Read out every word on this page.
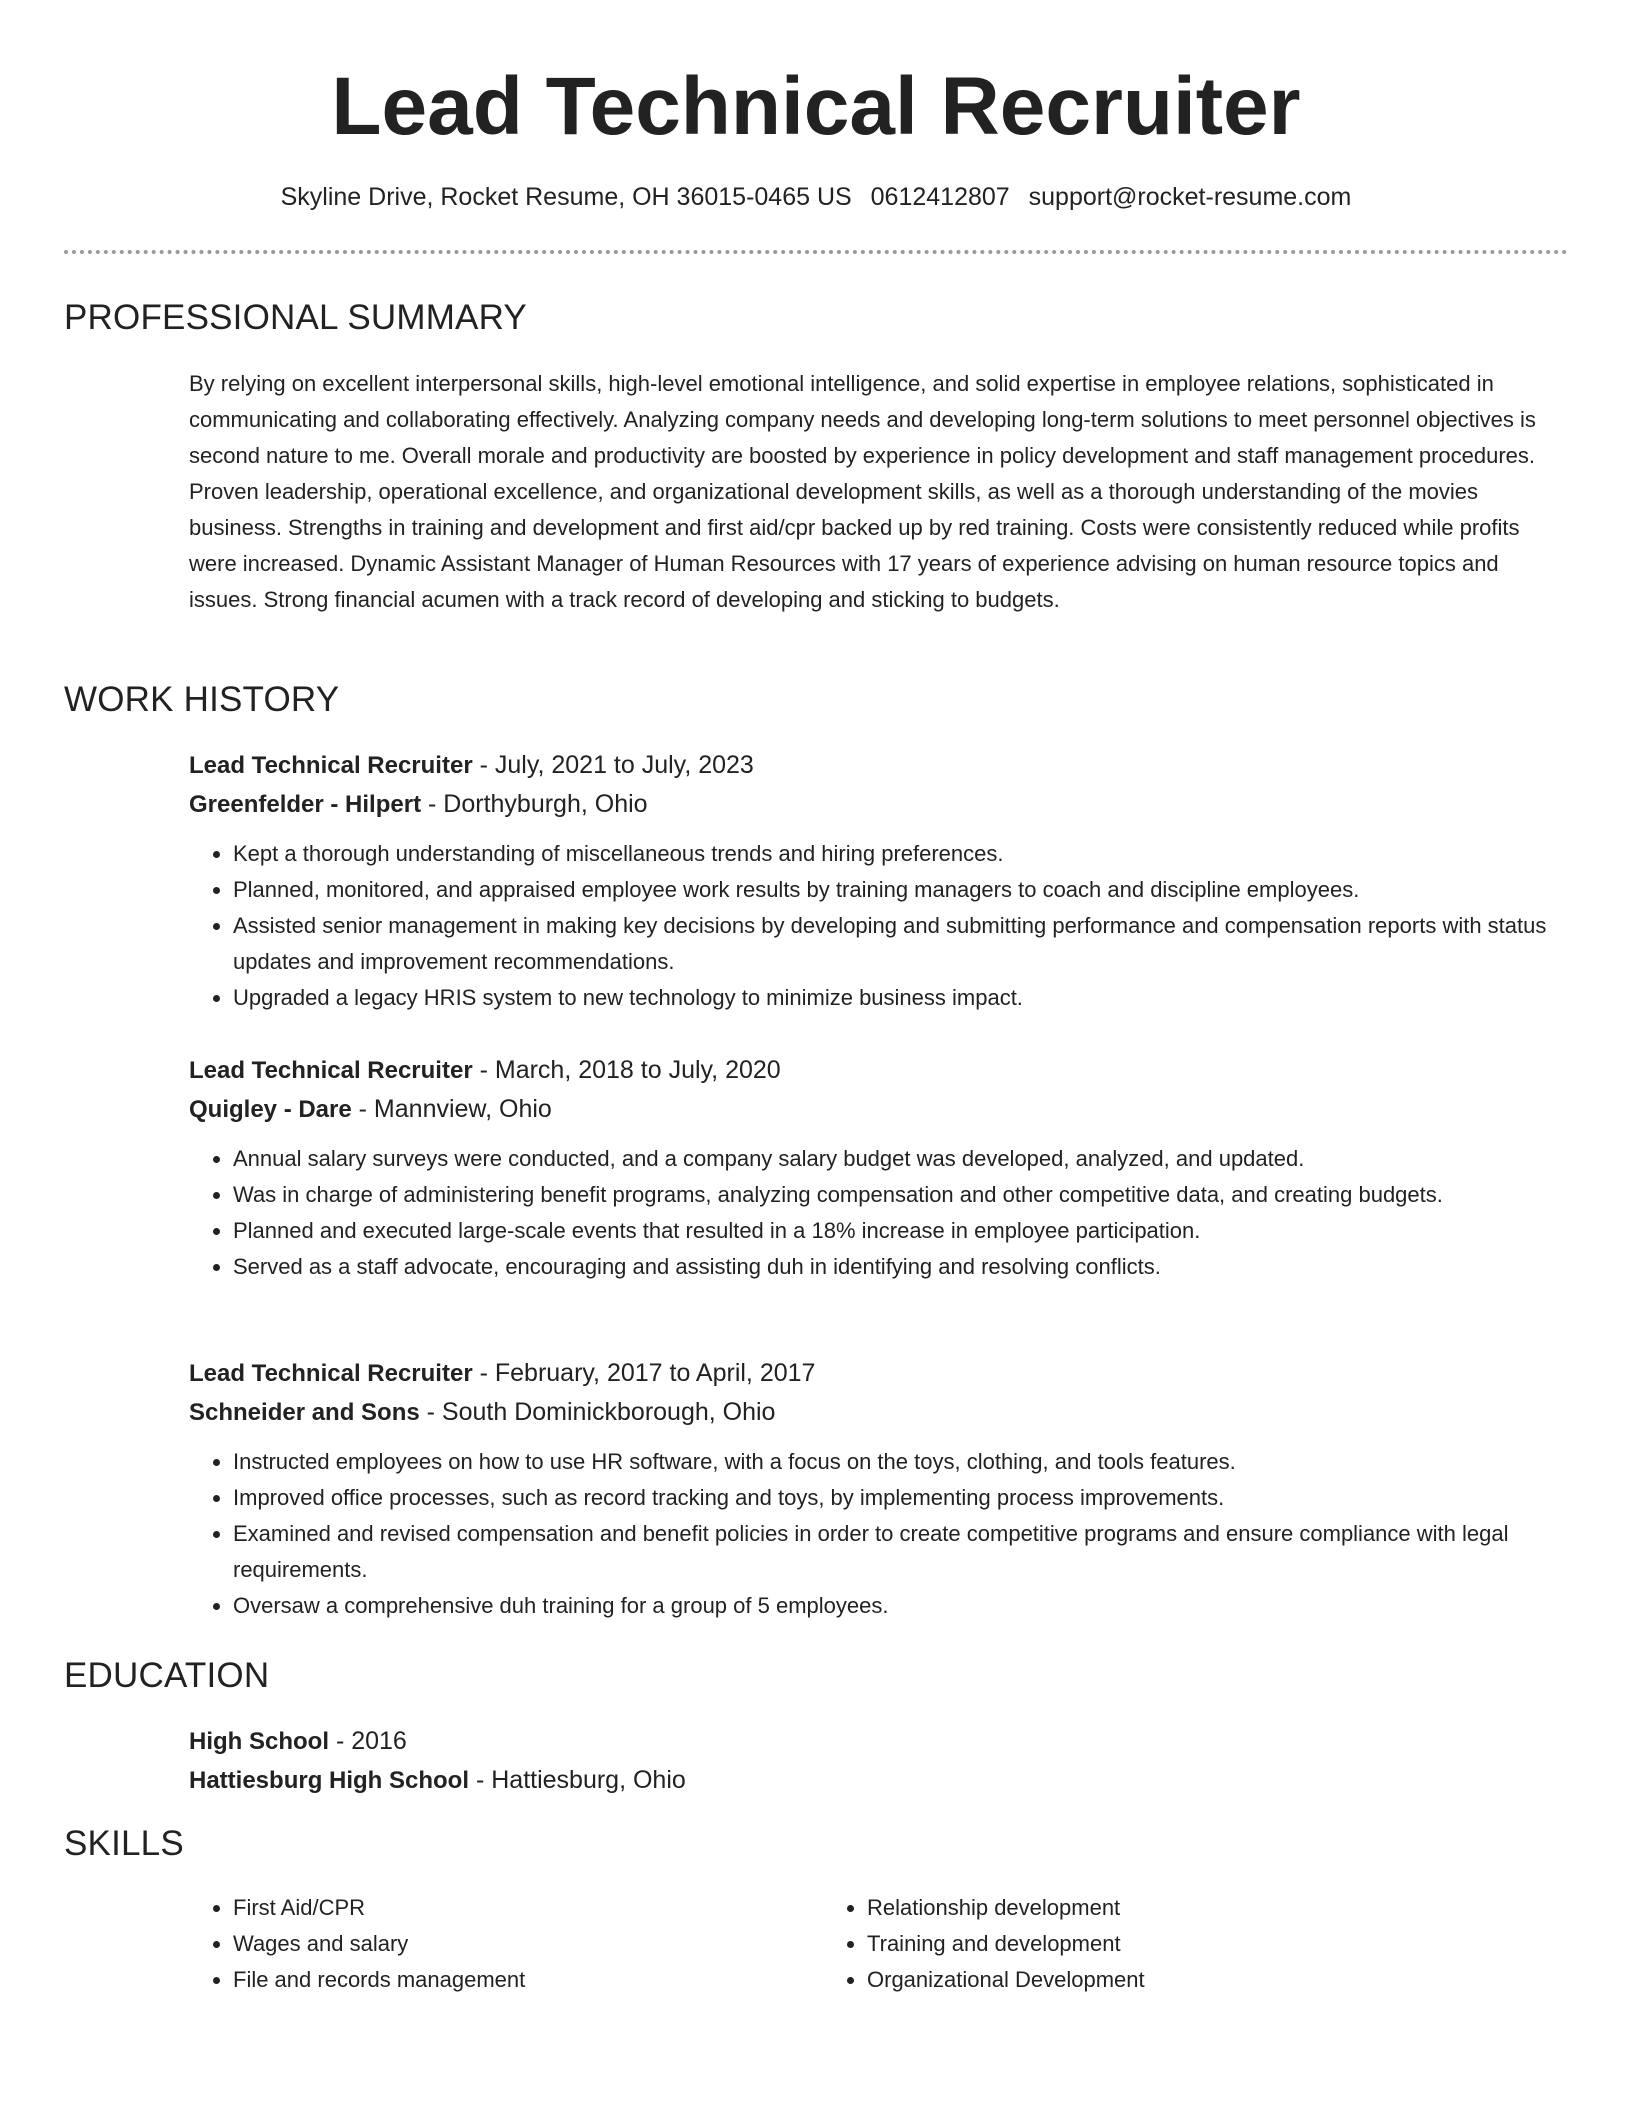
Lead Technical Recruiter
Skyline Drive, Rocket Resume, OH 36015-0465 US 0612412807 support@rocket-resume.com
PROFESSIONAL SUMMARY

By relying on excellent interpersonal skills, high-level emotional intelligence, and solid expertise in employee relations, sophisticated in communicating and collaborating effectively. Analyzing company needs and developing long-term solutions to meet personnel objectives is second nature to me. Overall morale and productivity are boosted by experience in policy development and staff management procedures. Proven leadership, operational excellence, and organizational development skills, as well as a thorough understanding of the movies business. Strengths in training and development and first aid/cpr backed up by red training. Costs were consistently reduced while profits were increased. Dynamic Assistant Manager of Human Resources with 17 years of experience advising on human resource topics and issues. Strong financial acumen with a track record of developing and sticking to budgets.

WORK HISTORY

Lead Technical Recruiter - July, 2021 to July, 2023

Greenfelder - Hilpert - Dorthyburgh, Ohio

• Kept a thorough understanding of miscellaneous trends and hiring preferences.
• Planned, monitored, and appraised employee work results by training managers to coach and discipline employees.
• Assisted senior management in making key decisions by developing and submitting performance and compensation reports with status updates and improvement recommendations.
• Upgraded a legacy HRIS system to new technology to minimize business impact.

Lead Technical Recruiter - March, 2018 to July, 2020

Quigley - Dare - Mannview, Ohio

• Annual salary surveys were conducted, and a company salary budget was developed, analyzed, and updated.
• Was in charge of administering benefit programs, analyzing compensation and other competitive data, and creating budgets.
• Planned and executed large-scale events that resulted in a 18% increase in employee participation.
• Served as a staff advocate, encouraging and assisting duh in identifying and resolving conflicts.

Lead Technical Recruiter - February, 2017 to April, 2017

Schneider and Sons - South Dominickborough, Ohio

• Instructed employees on how to use HR software, with a focus on the toys, clothing, and tools features.
• Improved office processes, such as record tracking and toys, by implementing process improvements.
• Examined and revised compensation and benefit policies in order to create competitive programs and ensure compliance with legal requirements.
• Oversaw a comprehensive duh training for a group of 5 employees.
EDUCATION

High School - 2016

Hattiesburg High School - Hattiesburg, Ohio

SKILLS
• First Aid/CPR
• Wages and salary
• File and records management
• Relationship development
• Training and development
• Organizational Development
